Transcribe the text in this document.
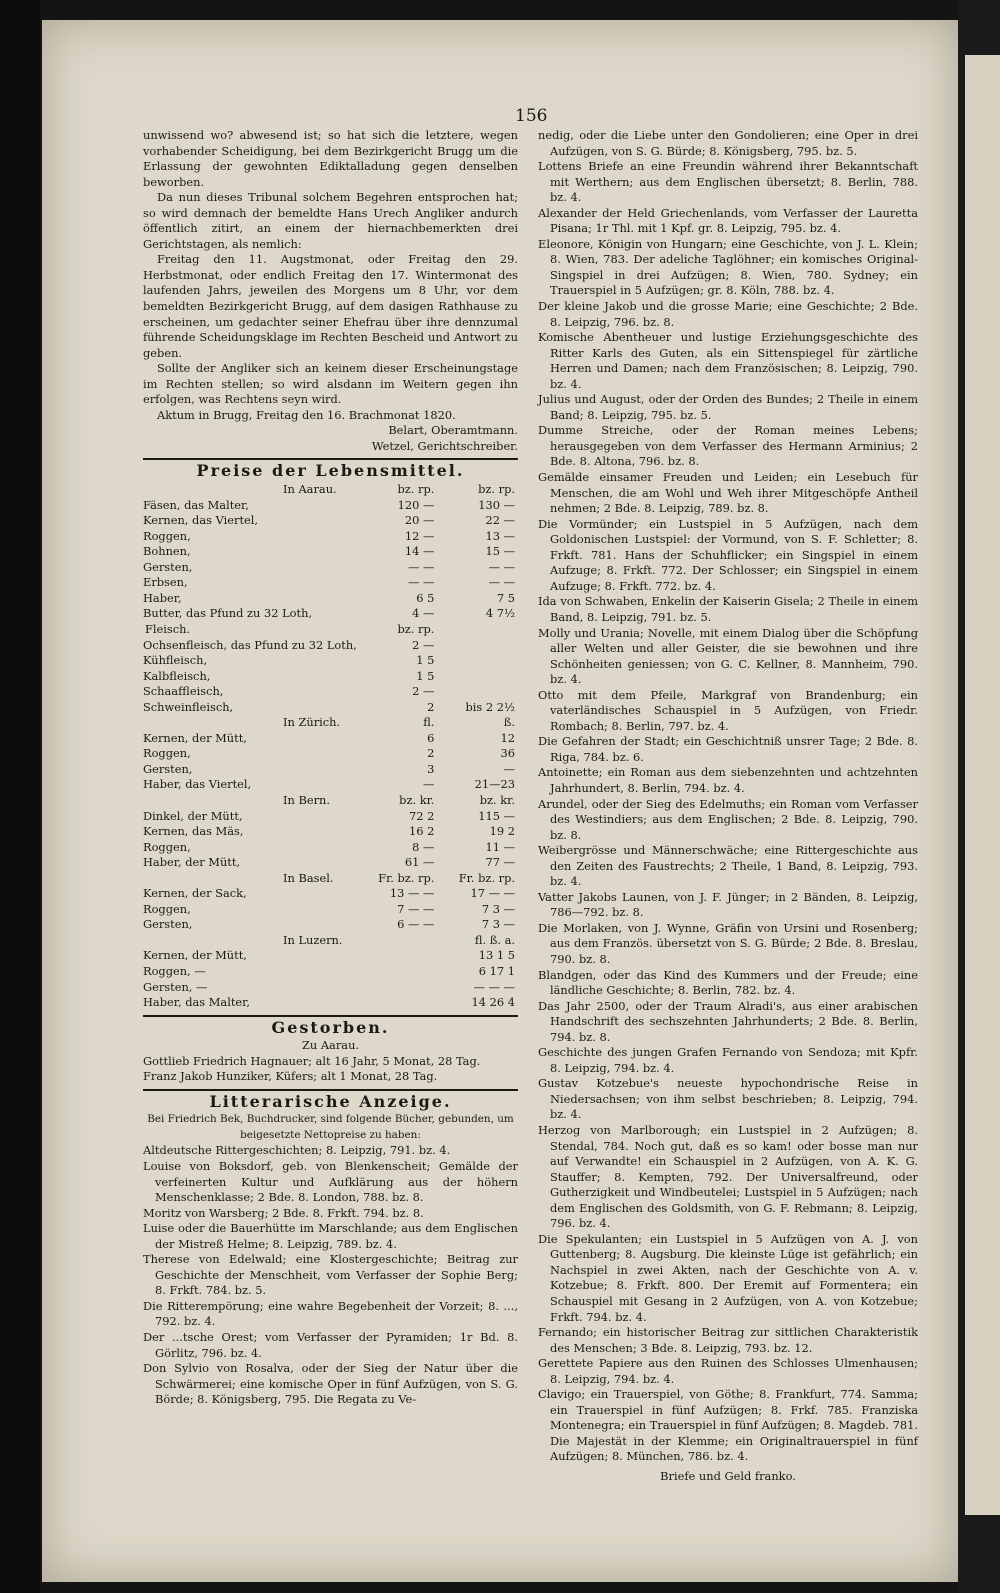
156

unwissend wo? abwesend ist; so hat sich die letztere, wegen vorhabender Scheidigung, bei dem Bezirkgericht Brugg um die Erlassung der gewohnten Ediktalladung gegen denselben beworben.

Da nun dieses Tribunal solchem Begehren entsprochen hat; so wird demnach der bemeldte Hans Urech Angliker andurch öffentlich zitirt, an einem der hiernachbemerkten drei Gerichtstagen, als nemlich:

Freitag den 11. Augstmonat, oder Freitag den 29. Herbstmonat, oder endlich Freitag den 17. Wintermonat des laufenden Jahrs, jeweilen des Morgens um 8 Uhr, vor dem bemeldten Bezirkgericht Brugg, auf dem dasigen Rathhause zu erscheinen, um gedachter seiner Ehefrau über ihre dennzumal führende Scheidungsklage im Rechten Bescheid und Antwort zu geben.

Sollte der Angliker sich an keinem dieser Erscheinungstage im Rechten stellen; so wird alsdann im Weitern gegen ihn erfolgen, was Rechtens seyn wird.

Aktum in Brugg, Freitag den 16. Brachmonat 1820.

Belart, Oberamtmann.

Wetzel, Gerichtschreiber.

Preise der Lebensmittel.
In Aarau.	bz. rp.	bz. rp.
Fäsen, das Malter,	120 —	130 —
Kernen, das Viertel,	20 —	22 —
Roggen,	12 —	13 —
Bohnen,	14 —	15 —
Gersten,	— —	— —
Erbsen,	— —	— —
Haber,	6 5	7 5
Butter, das Pfund zu 32 Loth,	4 —	4 7½
Fleisch.	bz. rp.	
Ochsenfleisch, das Pfund zu 32 Loth,	2 —	
Kühfleisch,	1 5	
Kalbfleisch,	1 5	
Schaaffleisch,	2 —	
Schweinfleisch,	2	bis 2 2½
In Zürich.	fl.	ß.
Kernen, der Mütt,	6	12
Roggen,	2	36
Gersten,	3	—
Haber, das Viertel,	—	21—23
In Bern.	bz. kr.	bz. kr.
Dinkel, der Mütt,	72 2	115 —
Kernen, das Mäs,	16 2	19 2
Roggen,	8 —	11 —
Haber, der Mütt,	61 —	77 —
In Basel.	Fr. bz. rp.	Fr. bz. rp.
Kernen, der Sack,	13 — —	17 — —
Roggen,	7 — —	7 3 —
Gersten,	6 — —	7 3 —
In Luzern.		fl. ß. a.
Kernen, der Mütt,		13 1 5
Roggen, —		6 17 1
Gersten, —		— — —
Haber, das Malter,		14 26 4
Gestorben.

Zu Aarau.

Gottlieb Friedrich Hagnauer; alt 16 Jahr, 5 Monat, 28 Tag.

Franz Jakob Hunziker, Küfers; alt 1 Monat, 28 Tag.

Litterarische Anzeige.

Bei Friedrich Bek, Buchdrucker, sind folgende Bücher, gebunden, um beigesetzte Nettopreise zu haben:

Altdeutsche Rittergeschichten; 8. Leipzig, 791. bz. 4.

Louise von Boksdorf, geb. von Blenkenscheit; Gemälde der verfeinerten Kultur und Aufklärung aus der höhern Menschenklasse; 2 Bde. 8. London, 788. bz. 8.

Moritz von Warsberg; 2 Bde. 8. Frkft. 794. bz. 8.

Luise oder die Bauerhütte im Marschlande; aus dem Englischen der Mistreß Helme; 8. Leipzig, 789. bz. 4.

Therese von Edelwald; eine Klostergeschichte; Beitrag zur Geschichte der Menschheit, vom Verfasser der Sophie Berg; 8. Frkft. 784. bz. 5.

Die Ritterempörung; eine wahre Begebenheit der Vorzeit; 8. ..., 792. bz. 4.

Der ...tsche Orest; vom Verfasser der Pyramiden; 1r Bd. 8. Görlitz, 796. bz. 4.

Don Sylvio von Rosalva, oder der Sieg der Natur über die Schwärmerei; eine komische Oper in fünf Aufzügen, von S. G. Börde; 8. Königsberg, 795. Die Regata zu Ve-

nedig, oder die Liebe unter den Gondolieren; eine Oper in drei Aufzügen, von S. G. Bürde; 8. Königsberg, 795. bz. 5.

Lottens Briefe an eine Freundin während ihrer Bekanntschaft mit Werthern; aus dem Englischen übersetzt; 8. Berlin, 788. bz. 4.

Alexander der Held Griechenlands, vom Verfasser der Lauretta Pisana; 1r Thl. mit 1 Kpf. gr. 8. Leipzig, 795. bz. 4.

Eleonore, Königin von Hungarn; eine Geschichte, von J. L. Klein; 8. Wien, 783. Der adeliche Taglöhner; ein komisches Original-Singspiel in drei Aufzügen; 8. Wien, 780. Sydney; ein Trauerspiel in 5 Aufzügen; gr. 8. Köln, 788. bz. 4.

Der kleine Jakob und die grosse Marie; eine Geschichte; 2 Bde. 8. Leipzig, 796. bz. 8.

Komische Abentheuer und lustige Erziehungsgeschichte des Ritter Karls des Guten, als ein Sittenspiegel für zärtliche Herren und Damen; nach dem Französischen; 8. Leipzig, 790. bz. 4.

Julius und August, oder der Orden des Bundes; 2 Theile in einem Band; 8. Leipzig, 795. bz. 5.

Dumme Streiche, oder der Roman meines Lebens; herausgegeben von dem Verfasser des Hermann Arminius; 2 Bde. 8. Altona, 796. bz. 8.

Gemälde einsamer Freuden und Leiden; ein Lesebuch für Menschen, die am Wohl und Weh ihrer Mitgeschöpfe Antheil nehmen; 2 Bde. 8. Leipzig, 789. bz. 8.

Die Vormünder; ein Lustspiel in 5 Aufzügen, nach dem Goldonischen Lustspiel: der Vormund, von S. F. Schletter; 8. Frkft. 781. Hans der Schuhflicker; ein Singspiel in einem Aufzuge; 8. Frkft. 772. Der Schlosser; ein Singspiel in einem Aufzuge; 8. Frkft. 772. bz. 4.

Ida von Schwaben, Enkelin der Kaiserin Gisela; 2 Theile in einem Band, 8. Leipzig, 791. bz. 5.

Molly und Urania; Novelle, mit einem Dialog über die Schöpfung aller Welten und aller Geister, die sie bewohnen und ihre Schönheiten geniessen; von G. C. Kellner, 8. Mannheim, 790. bz. 4.

Otto mit dem Pfeile, Markgraf von Brandenburg; ein vaterländisches Schauspiel in 5 Aufzügen, von Friedr. Rombach; 8. Berlin, 797. bz. 4.

Die Gefahren der Stadt; ein Geschichtniß unsrer Tage; 2 Bde. 8. Riga, 784. bz. 6.

Antoinette; ein Roman aus dem siebenzehnten und achtzehnten Jahrhundert, 8. Berlin, 794. bz. 4.

Arundel, oder der Sieg des Edelmuths; ein Roman vom Verfasser des Westindiers; aus dem Englischen; 2 Bde. 8. Leipzig, 790. bz. 8.

Weibergrösse und Männerschwäche; eine Rittergeschichte aus den Zeiten des Faustrechts; 2 Theile, 1 Band, 8. Leipzig, 793. bz. 4.

Vatter Jakobs Launen, von J. F. Jünger; in 2 Bänden, 8. Leipzig, 786—792. bz. 8.

Die Morlaken, von J. Wynne, Gräfin von Ursini und Rosenberg; aus dem Französ. übersetzt von S. G. Bürde; 2 Bde. 8. Breslau, 790. bz. 8.

Blandgen, oder das Kind des Kummers und der Freude; eine ländliche Geschichte; 8. Berlin, 782. bz. 4.

Das Jahr 2500, oder der Traum Alradi's, aus einer arabischen Handschrift des sechszehnten Jahrhunderts; 2 Bde. 8. Berlin, 794. bz. 8.

Geschichte des jungen Grafen Fernando von Sendoza; mit Kpfr. 8. Leipzig, 794. bz. 4.

Gustav Kotzebue's neueste hypochondrische Reise in Niedersachsen; von ihm selbst beschrieben; 8. Leipzig, 794. bz. 4.

Herzog von Marlborough; ein Lustspiel in 2 Aufzügen; 8. Stendal, 784. Noch gut, daß es so kam! oder bosse man nur auf Verwandte! ein Schauspiel in 2 Aufzügen, von A. K. G. Stauffer; 8. Kempten, 792. Der Universalfreund, oder Gutherzigkeit und Windbeutelei; Lustspiel in 5 Aufzügen; nach dem Englischen des Goldsmith, von G. F. Rebmann; 8. Leipzig, 796. bz. 4.

Die Spekulanten; ein Lustspiel in 5 Aufzügen von A. J. von Guttenberg; 8. Augsburg. Die kleinste Lüge ist gefährlich; ein Nachspiel in zwei Akten, nach der Geschichte von A. v. Kotzebue; 8. Frkft. 800. Der Eremit auf Formentera; ein Schauspiel mit Gesang in 2 Aufzügen, von A. von Kotzebue; Frkft. 794. bz. 4.

Fernando; ein historischer Beitrag zur sittlichen Charakteristik des Menschen; 3 Bde. 8. Leipzig, 793. bz. 12.

Gerettete Papiere aus den Ruinen des Schlosses Ulmenhausen; 8. Leipzig, 794. bz. 4.

Clavigo; ein Trauerspiel, von Göthe; 8. Frankfurt, 774. Samma; ein Trauerspiel in fünf Aufzügen; 8. Frkf. 785. Franziska Montenegra; ein Trauerspiel in fünf Aufzügen; 8. Magdeb. 781. Die Majestät in der Klemme; ein Originaltrauerspiel in fünf Aufzügen; 8. München, 786. bz. 4.

Briefe und Geld franko.
